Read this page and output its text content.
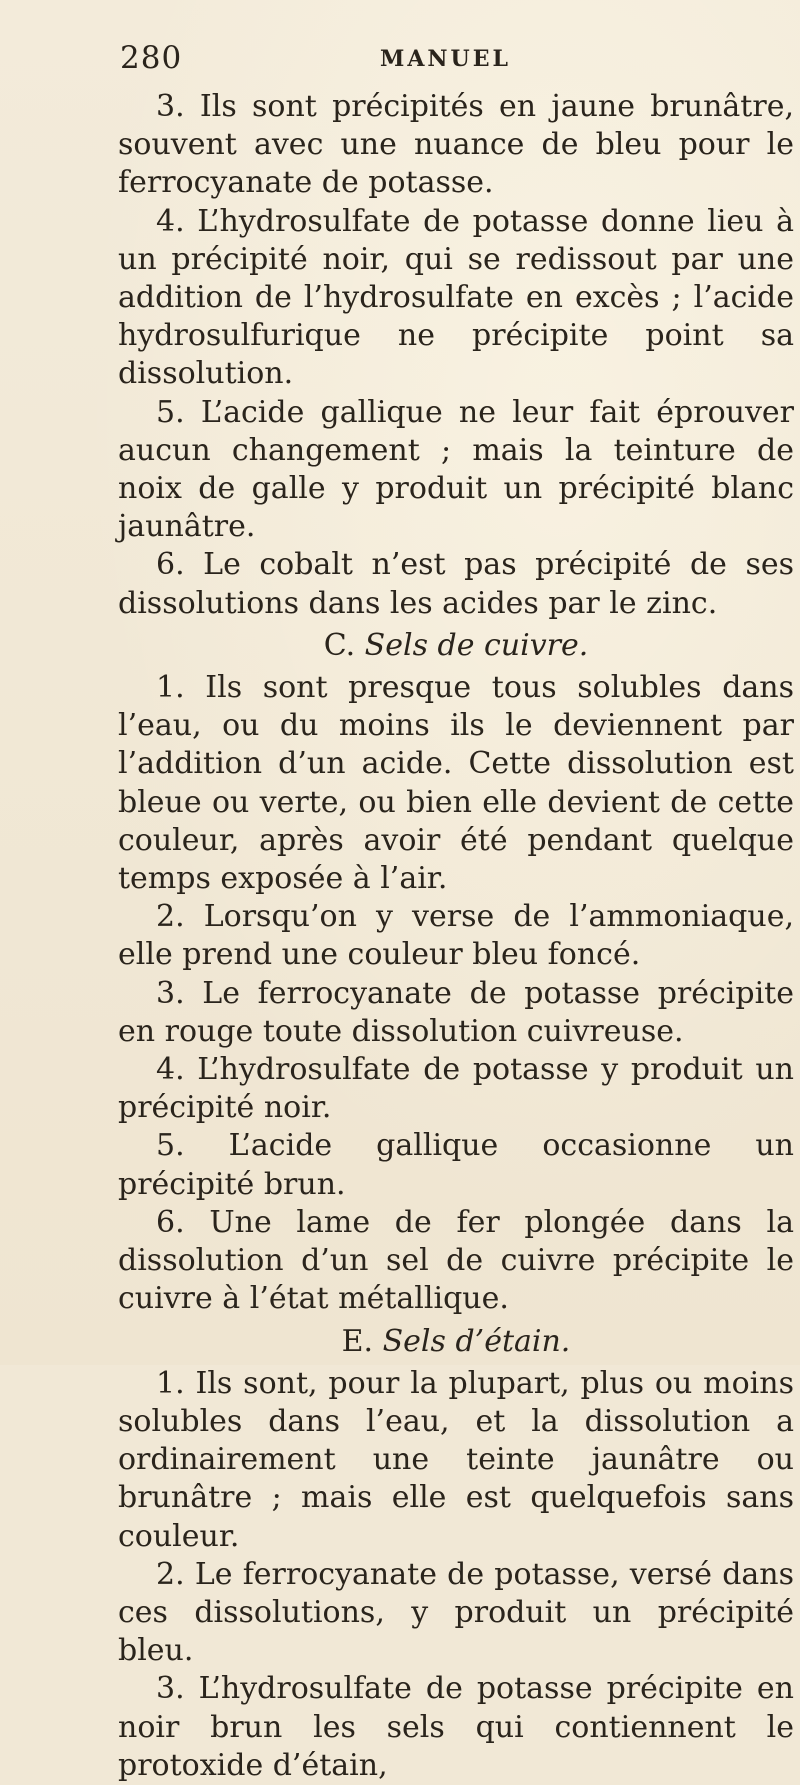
280	MANUEL

3. Ils sont précipités en jaune brunâtre, souvent avec une nuance de bleu pour le ferrocyanate de potasse.

4. L’hydrosulfate de potasse donne lieu à un précipité noir, qui se redissout par une addition de l’hydrosulfate en excès ; l’acide hydrosulfurique ne précipite point sa dissolution.

5. L’acide gallique ne leur fait éprouver aucun changement ; mais la teinture de noix de galle y produit un précipité blanc jaunâtre.

6. Le cobalt n’est pas précipité de ses dissolutions dans les acides par le zinc.

C. Sels de cuivre.

1. Ils sont presque tous solubles dans l’eau, ou du moins ils le deviennent par l’addition d’un acide. Cette dissolution est bleue ou verte, ou bien elle devient de cette couleur, après avoir été pendant quelque temps exposée à l’air.

2. Lorsqu’on y verse de l’ammoniaque, elle prend une couleur bleu foncé.

3. Le ferrocyanate de potasse précipite en rouge toute dissolution cuivreuse.

4. L’hydrosulfate de potasse y produit un précipité noir.

5. L’acide gallique occasionne un précipité brun.

6. Une lame de fer plongée dans la dissolution d’un sel de cuivre précipite le cuivre à l’état métallique.

E. Sels d’étain.

1. Ils sont, pour la plupart, plus ou moins solubles dans l’eau, et la dissolution a ordinairement une teinte jaunâtre ou brunâtre ; mais elle est quelquefois sans couleur.

2. Le ferrocyanate de potasse, versé dans ces dissolutions, y produit un précipité bleu.

3. L’hydrosulfate de potasse précipite en noir brun les sels qui contiennent le protoxide d’étain,
